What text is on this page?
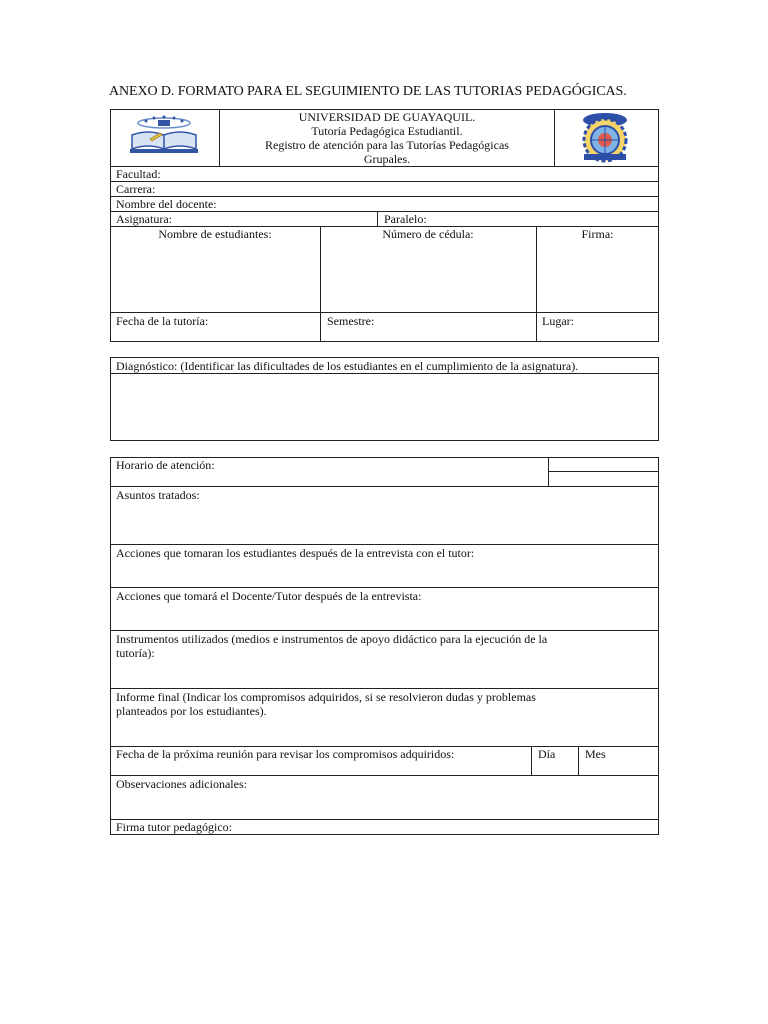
ANEXO D. FORMATO PARA EL SEGUIMIENTO DE LAS TUTORIAS PEDAGÓGICAS.
UNIVERSIDAD DE GUAYAQUIL.
Tutoría Pedagógica Estudiantil.
Registro de atención para las Tutorías Pedagógicas
Grupales.
Facultad:
Carrera:
Nombre del docente:
Asignatura:	Paralelo:
Nombre de estudiantes:	Número de cédula:	Firma:
Fecha de la tutoría:	Semestre:	Lugar:
Diagnóstico: (Identificar las dificultades de los estudiantes en el cumplimiento de la asignatura).
Horario de atención:
Asuntos tratados:
Acciones que tomaran los estudiantes después de la entrevista con el tutor:
Acciones que tomará el Docente/Tutor después de la entrevista:
Instrumentos utilizados (medios e instrumentos de apoyo didáctico para la ejecución de la
tutoría):
Informe final (Indicar los compromisos adquiridos, si se resolvieron dudas y problemas
planteados por los estudiantes).
Fecha de la próxima reunión para revisar los compromisos adquiridos:	Día Mes
Observaciones adicionales:
Firma tutor pedagógico:
